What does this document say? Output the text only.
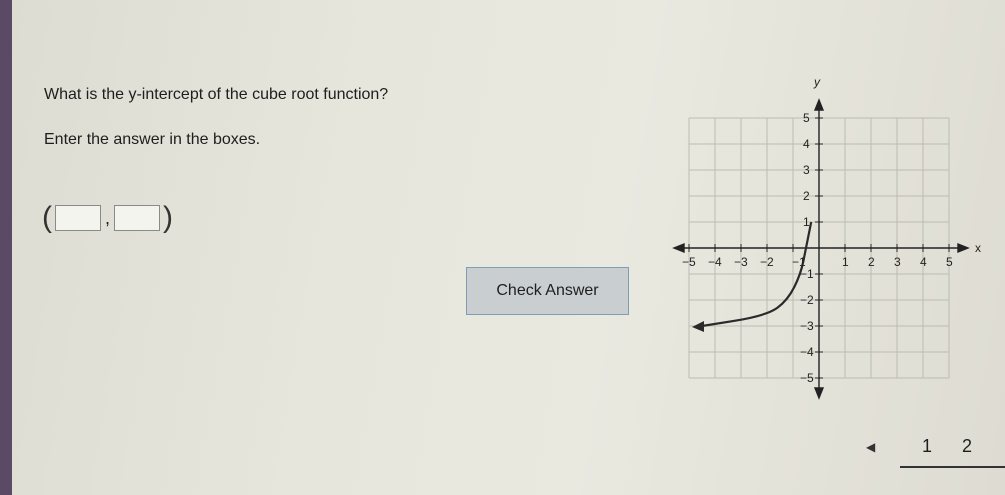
What is the y-intercept of the cube root function?
Enter the answer in the boxes.
(	, )
Check Answer
x
y
−5 −4 −3 −2 −1	1 2 3 4 5
5
4
3
2
1
−1
−2
−3
−4
−5
◀	1 2
